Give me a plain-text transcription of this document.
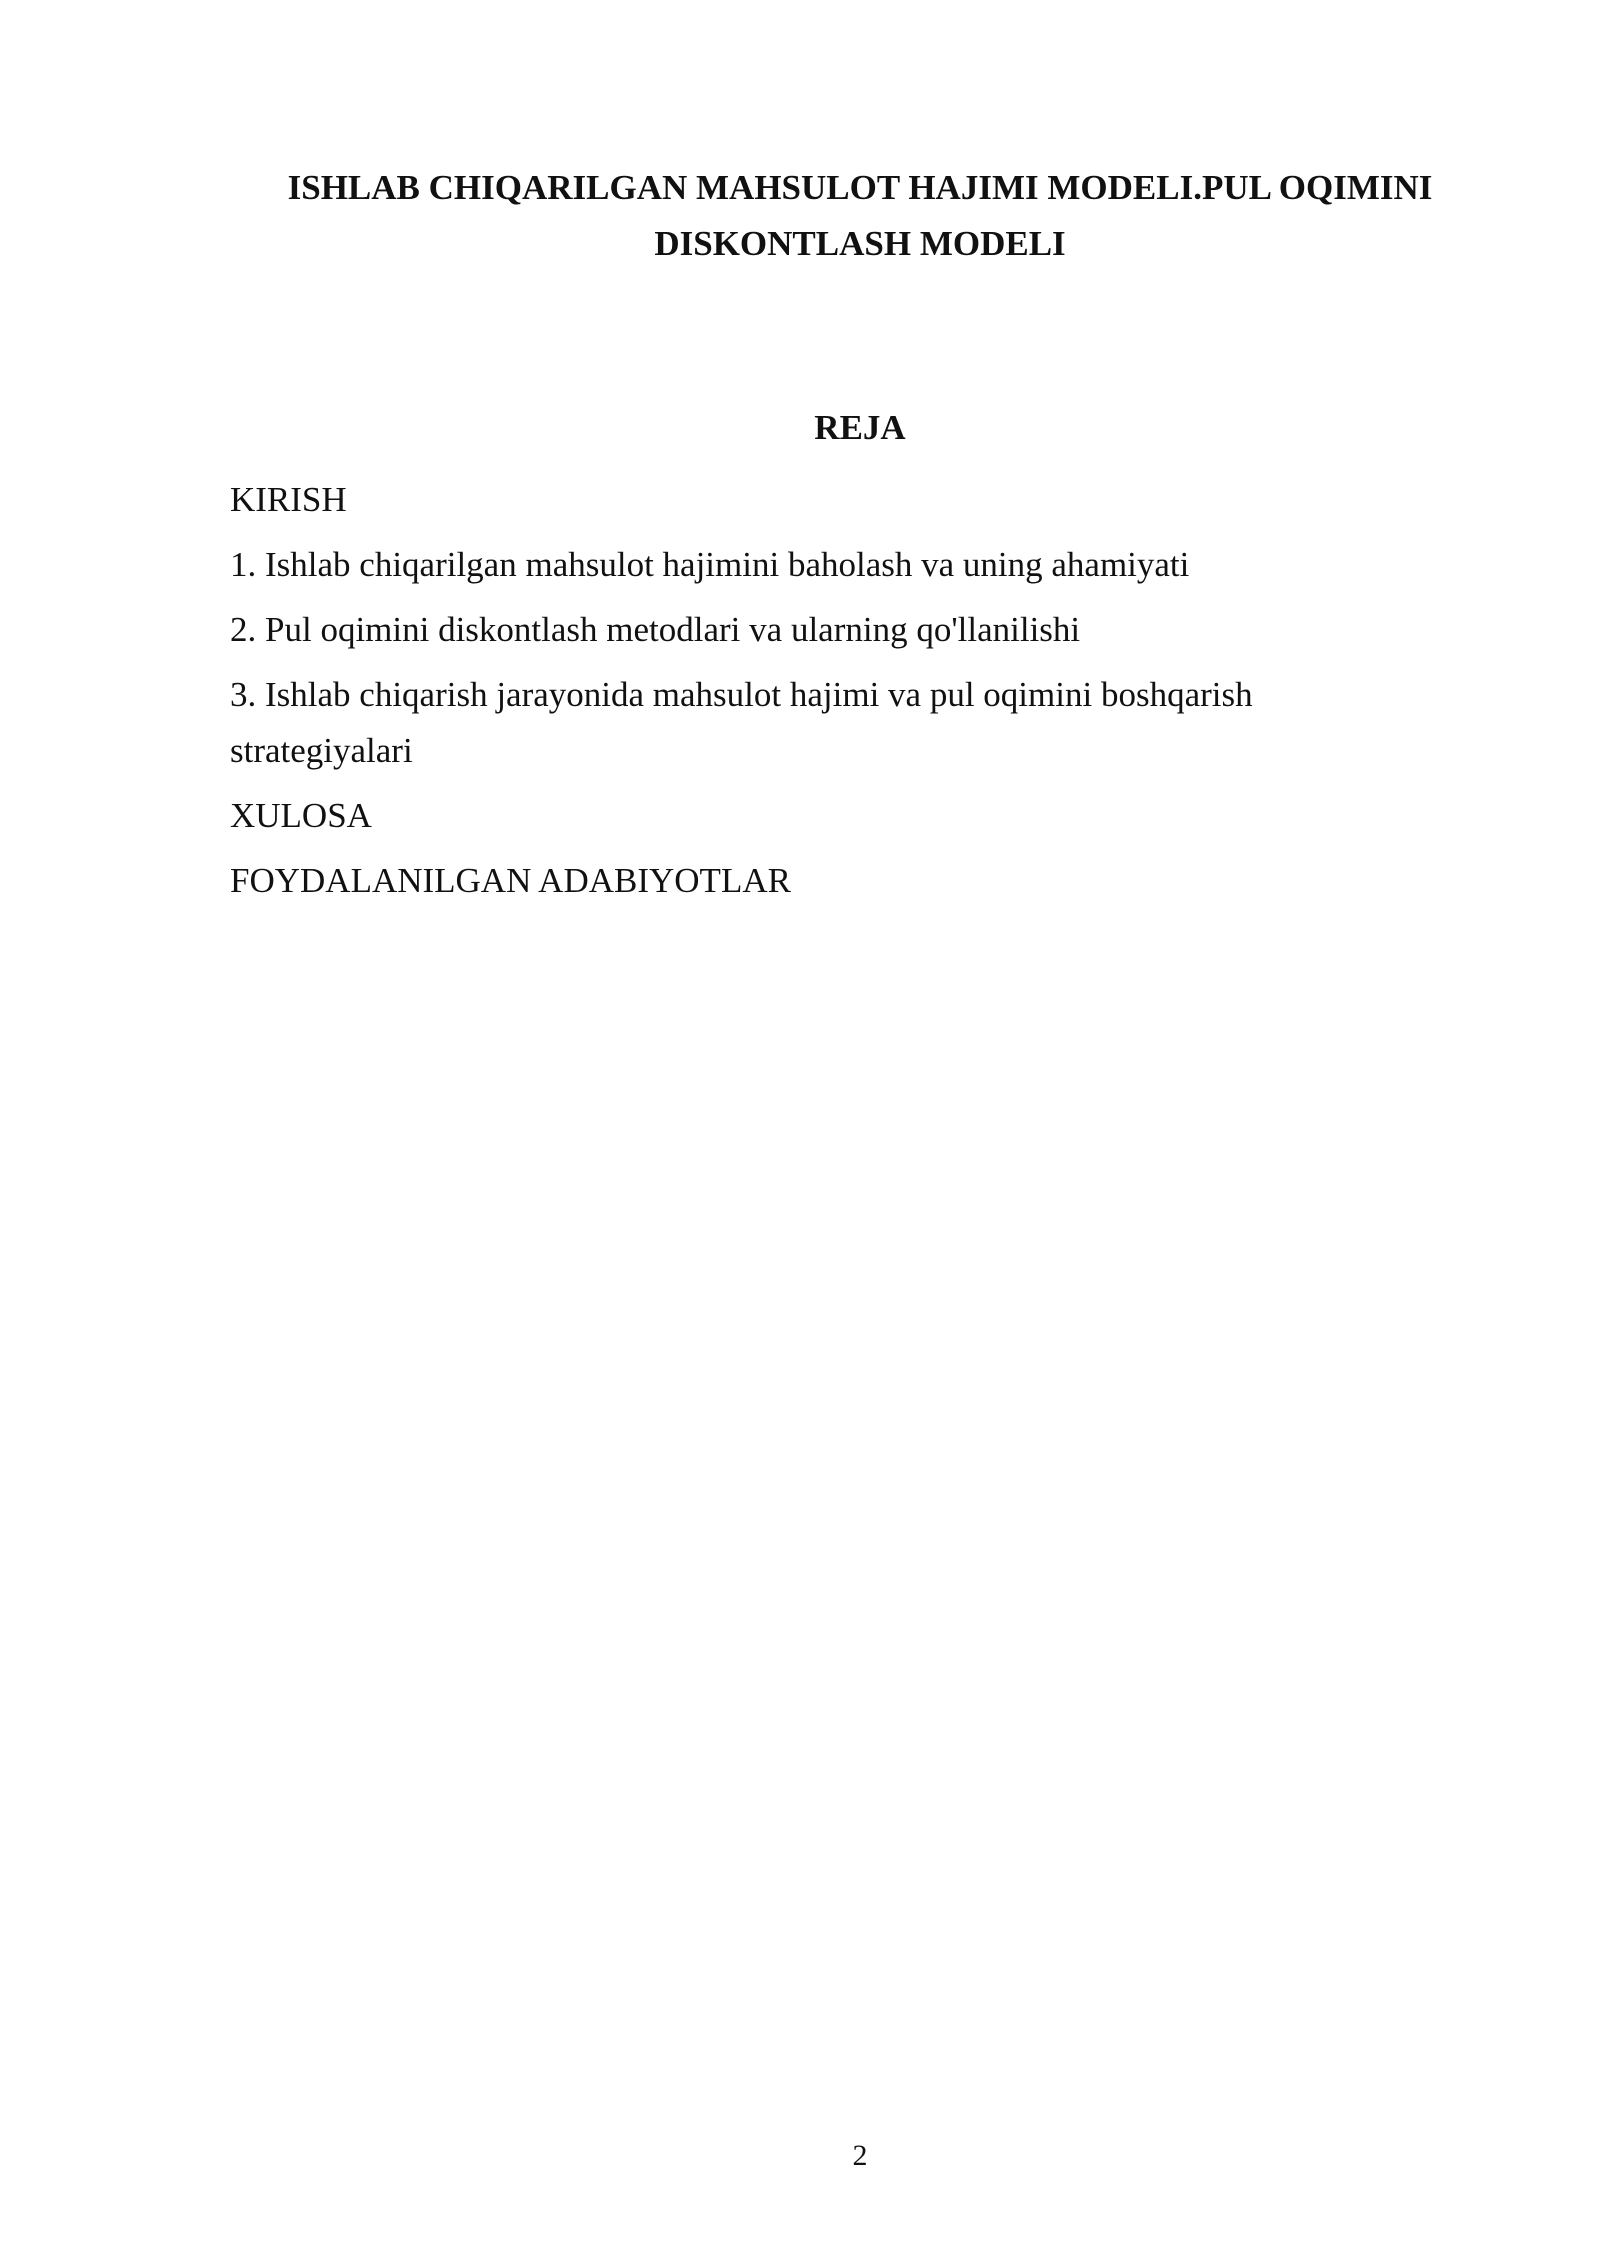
ISHLAB CHIQARILGAN MAHSULOT HAJIMI MODELI.PUL OQIMINI
DISKONTLASH MODELI
REJA
KIRISH
1. Ishlab chiqarilgan mahsulot hajimini baholash va uning ahamiyati
2. Pul oqimini diskontlash metodlari va ularning qo'llanilishi
3. Ishlab chiqarish jarayonida mahsulot hajimi va pul oqimini boshqarish strategiyalari
XULOSA
FOYDALANILGAN ADABIYOTLAR
2
